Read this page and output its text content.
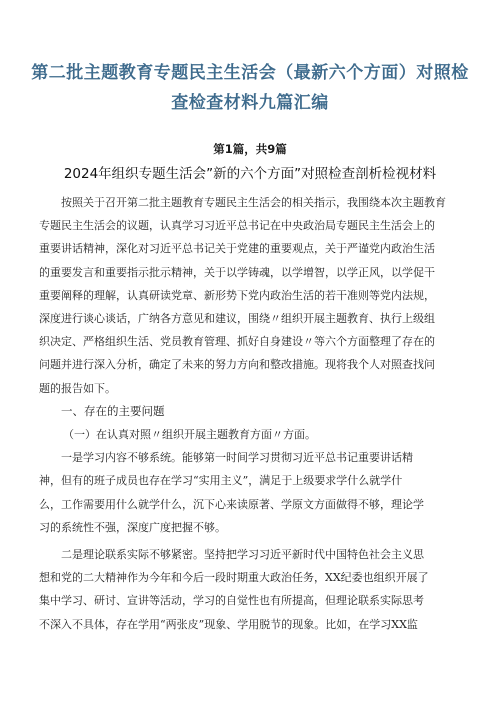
第二批主题教育专题民主生活会（最新六个方面）对照检
查检查材料九篇汇编
第1篇，共9篇
2024年组织专题生活会”新的六个方面”对照检查剖析检视材料
按照关于召开第二批主题教育专题民主生活会的相关指示，我围绕本次主题教育
专题民主生活会的议题，认真学习习近平总书记在中央政治局专题民主生活会上的
重要讲话精神，深化对习近平总书记关于党建的重要观点，关于严谨党内政治生活
的重要发言和重要指示批示精神，关于以学铸魂，以学增智，以学正风，以学促干
重要阐释的理解，认真研读党章、新形势下党内政治生活的若干准则等党内法规，
深度进行谈心谈话，广纳各方意见和建议，围绕〃组织开展主题教育、执行上级组
织决定、严格组织生活、党员教育管理、抓好自身建设〃等六个方面整理了存在的
问题并进行深入分析，确定了未来的努力方向和整改措施。现将我个人对照查找问
题的报告如下。
一、存在的主要问题
（一）在认真对照〃组织开展主题教育方面〃方面。
一是学习内容不够系统。能够第一时间学习贯彻习近平总书记重要讲话精
神，但有的班子成员也存在学习“实用主义”，满足于上级要求学什么就学什
么，工作需要用什么就学什么，沉下心来读原著、学原文方面做得不够，理论学
习的系统性不强，深度广度把握不够。
二是理论联系实际不够紧密。坚持把学习习近平新时代中国特色社会主义思
想和党的二大精神作为今年和今后一段时期重大政治任务，XX纪委也组织开展了
集中学习、研讨、宣讲等活动，学习的自觉性也有所提高，但理论联系实际思考
不深入不具体，存在学用“两张皮”现象、学用脱节的现象。比如，在学习XX监
